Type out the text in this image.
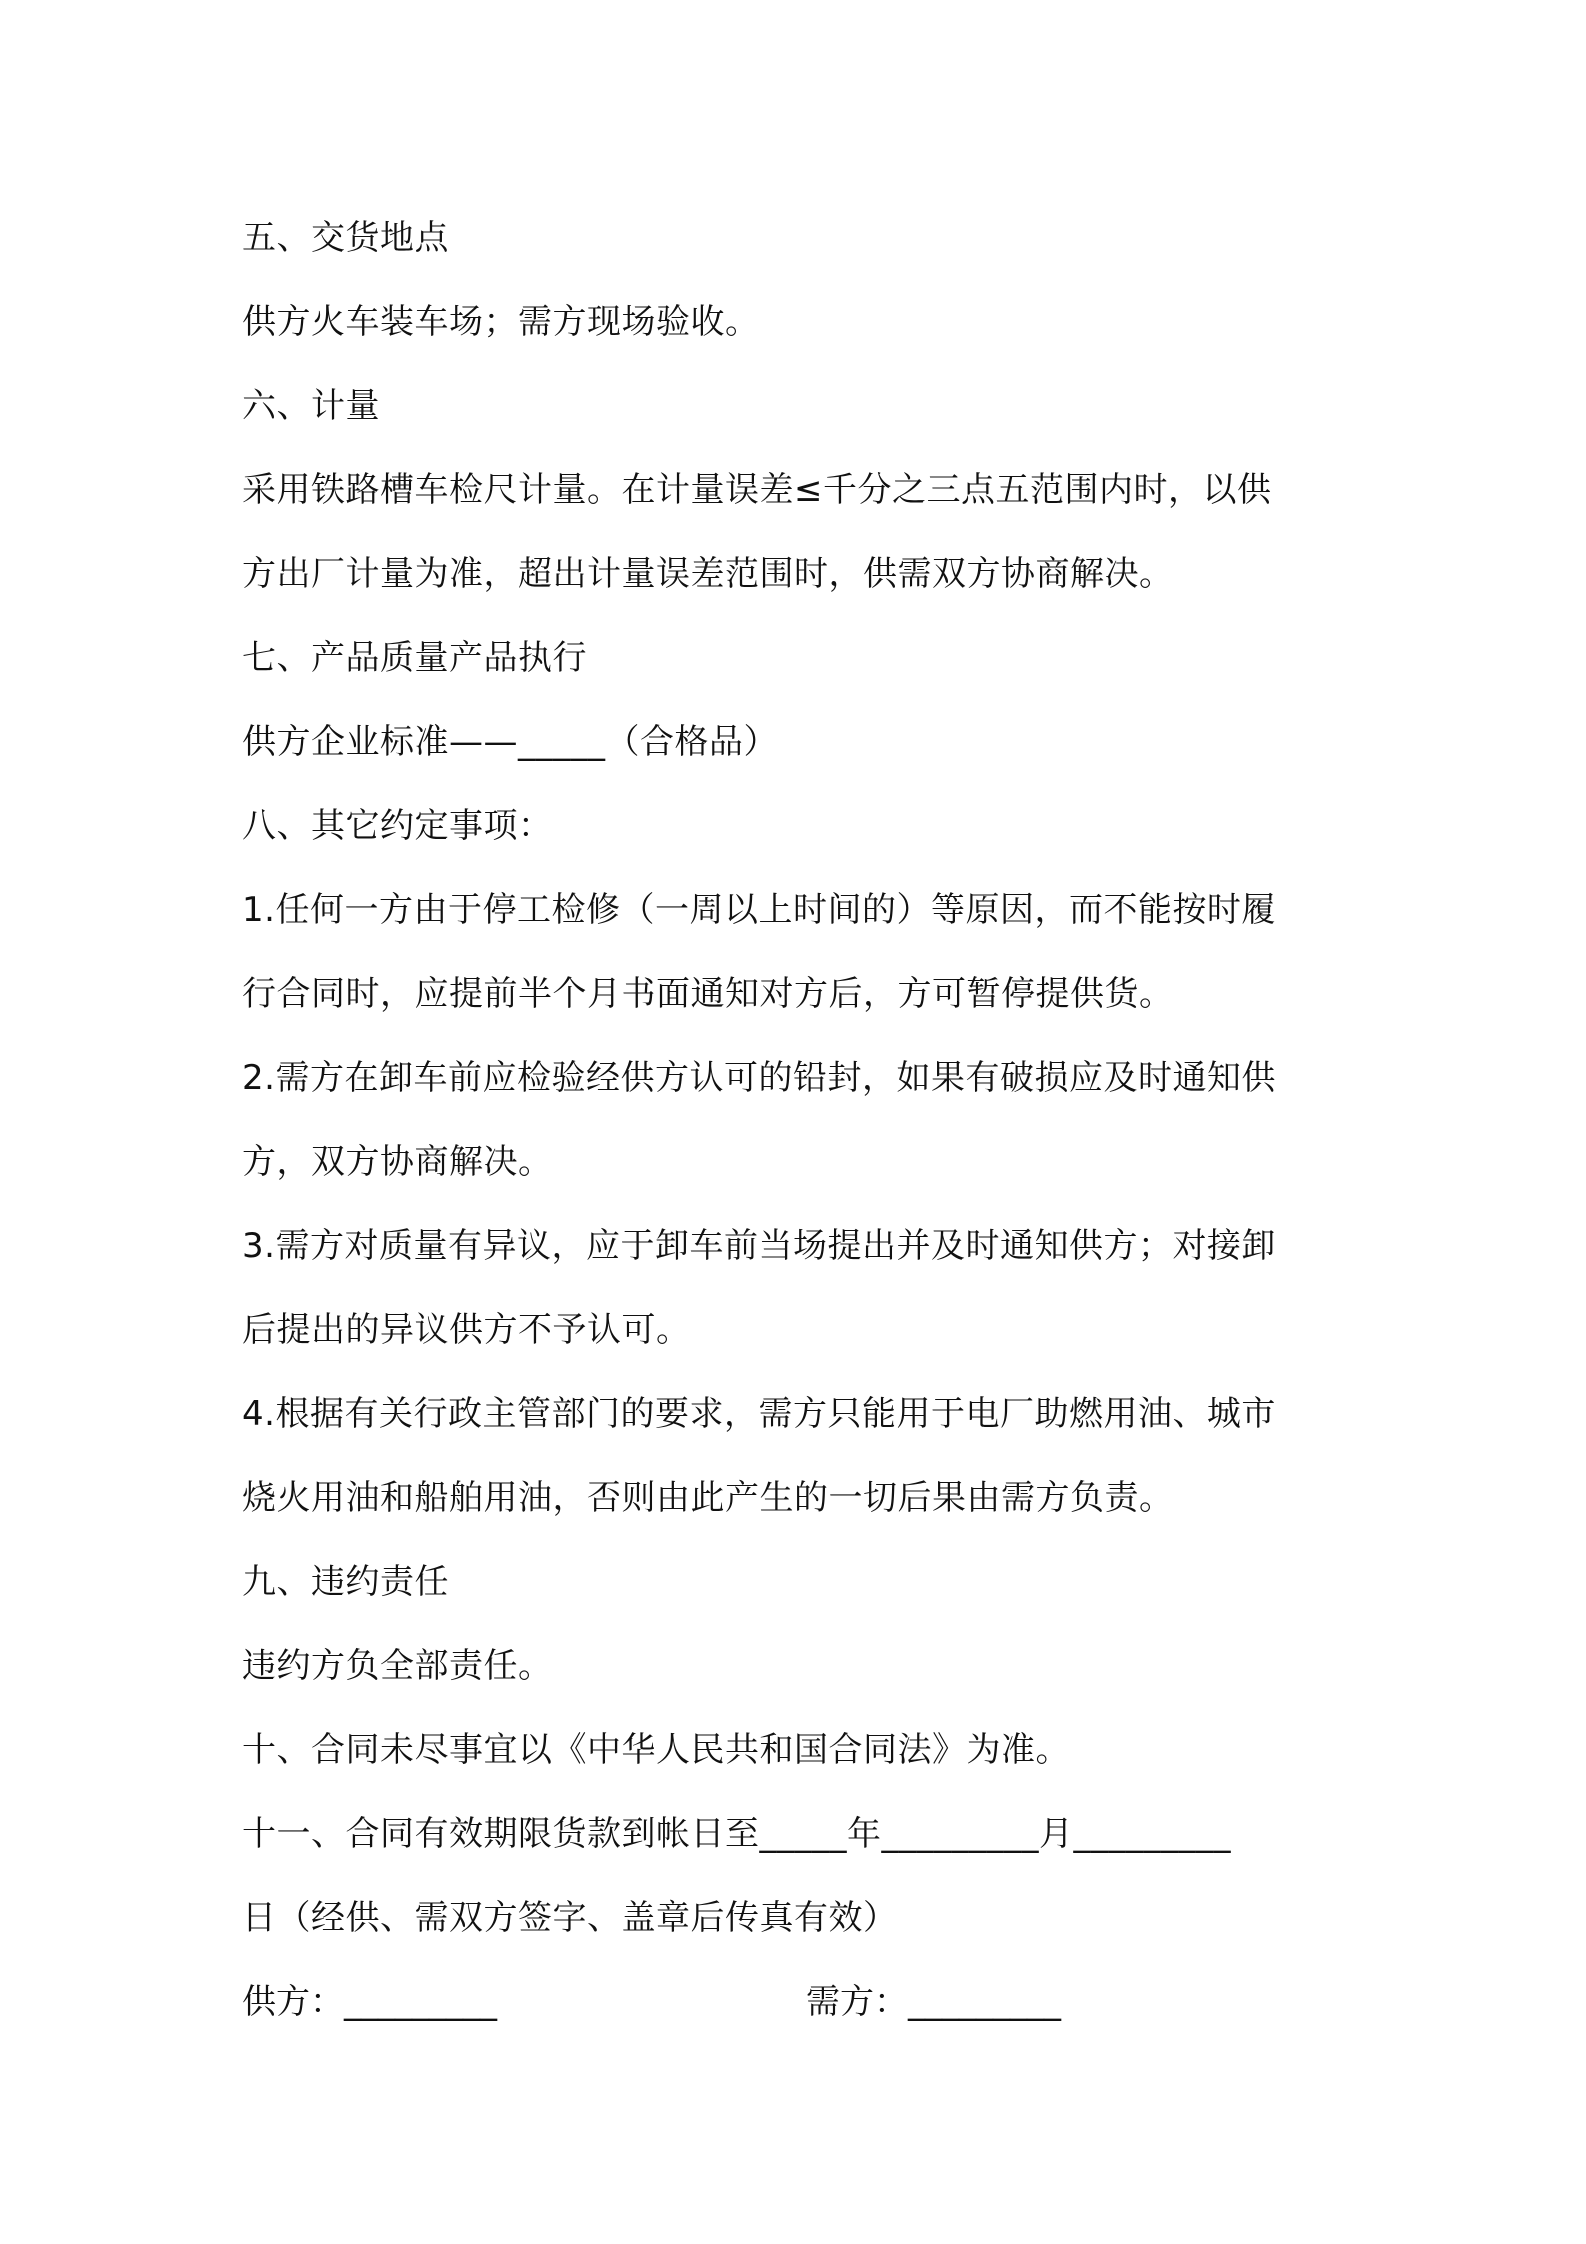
五、交货地点
供方火车装车场；需方现场验收。
六、计量
采用铁路槽车检尺计量。在计量误差≤千分之三点五范围内时，以供
方出厂计量为准，超出计量误差范围时，供需双方协商解决。
七、产品质量产品执行
供方企业标准——_____（合格品）
八、其它约定事项：
1.任何一方由于停工检修（一周以上时间的）等原因，而不能按时履
行合同时，应提前半个月书面通知对方后，方可暂停提供货。
2.需方在卸车前应检验经供方认可的铅封，如果有破损应及时通知供
方，双方协商解决。
3.需方对质量有异议，应于卸车前当场提出并及时通知供方；对接卸
后提出的异议供方不予认可。
4.根据有关行政主管部门的要求，需方只能用于电厂助燃用油、城市
烧火用油和船舶用油，否则由此产生的一切后果由需方负责。
九、违约责任
违约方负全部责任。
十、合同未尽事宜以《中华人民共和国合同法》为准。
十一、合同有效期限货款到帐日至_____年_________月_________
日（经供、需双方签字、盖章后传真有效）
供方：_________	需方：_________
